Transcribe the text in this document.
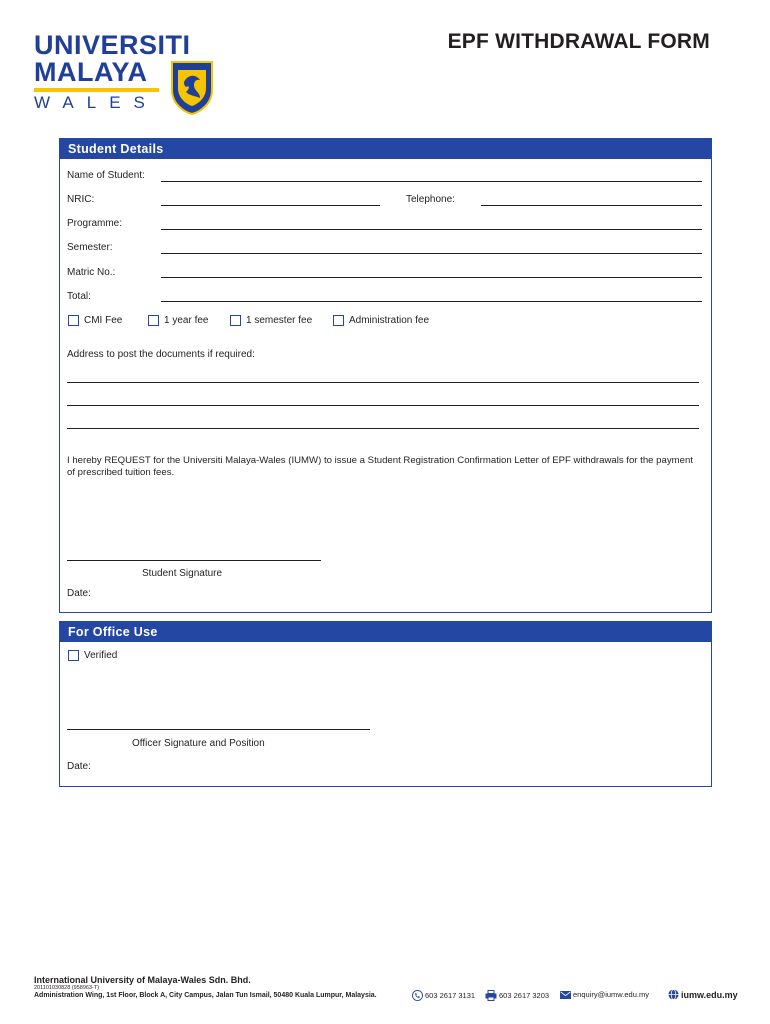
UNIVERSITI
MALAYA
WALES
EPF WITHDRAWAL FORM
Student Details
Name of Student:
NRIC:	Telephone:
Programme:
Semester:
Matric No.:
Total:
CMI Fee	1 year fee	1 semester fee	Administration fee
Address to post the documents if required:
I hereby REQUEST for the Universiti Malaya-Wales (IUMW) to issue a Student Registration Confirmation Letter of EPF withdrawals for the payment of prescribed tuition fees.
Student Signature
Date:
For Office Use
Verified
Officer Signature and Position
Date:
International University of Malaya-Wales Sdn. Bhd.
201101030828 (958963-T)
Administration Wing, 1st Floor, Block A, City Campus, Jalan Tun Ismail, 50480 Kuala Lumpur, Malaysia.	603 2617 3131	603 2617 3203	enquiry@iumw.edu.my	iumw.edu.my
